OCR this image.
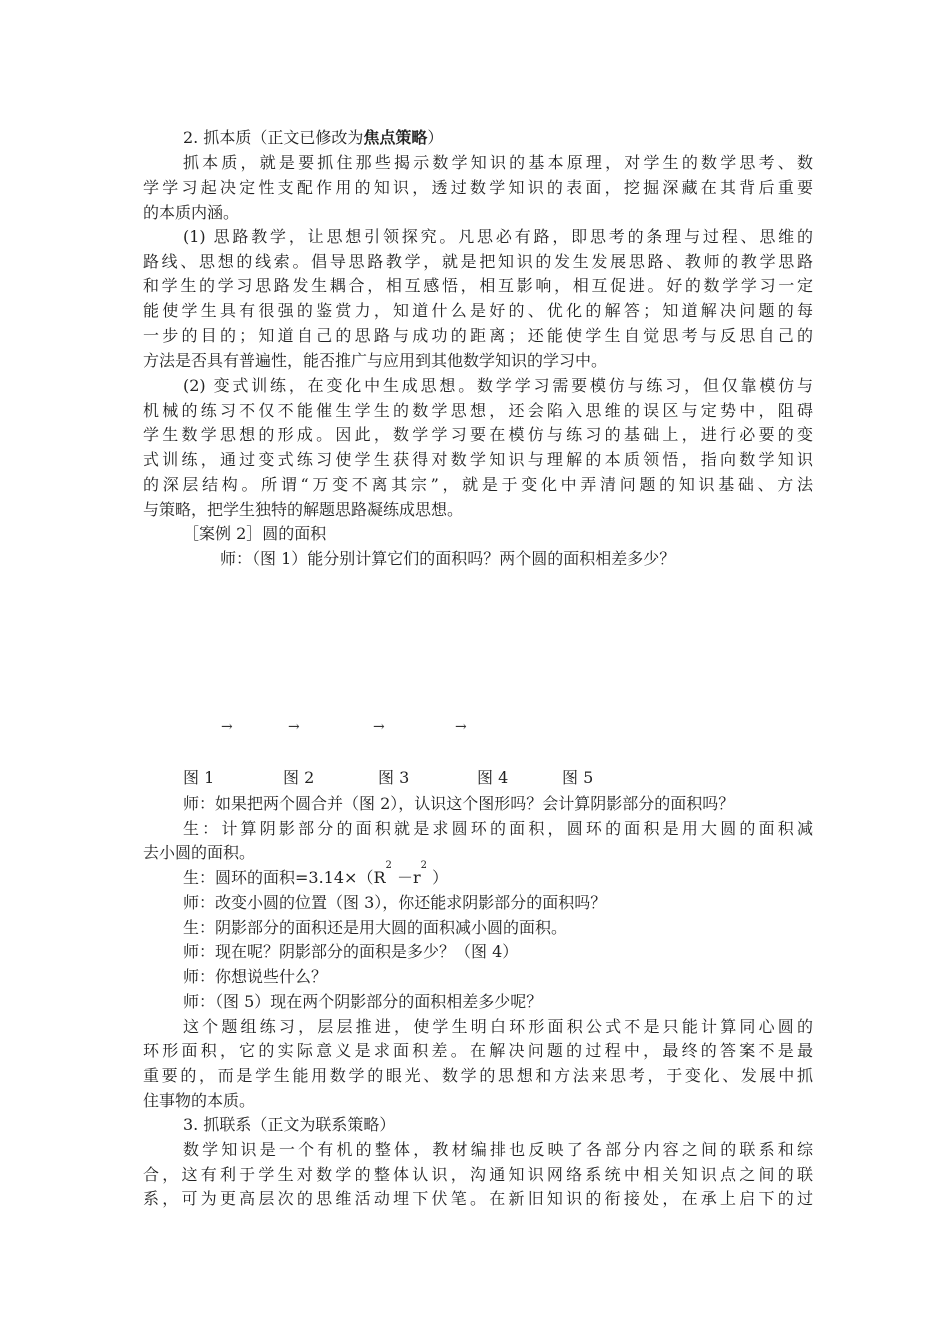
2. 抓本质（正文已修改为焦点策略）
抓本质，就是要抓住那些揭示数学知识的基本原理，对学生的数学思考、数
学学习起决定性支配作用的知识，透过数学知识的表面，挖掘深藏在其背后重要
的本质内涵。
(1) 思路教学，让思想引领探究。凡思必有路，即思考的条理与过程、思维的
路线、思想的线索。倡导思路教学，就是把知识的发生发展思路、教师的教学思路
和学生的学习思路发生耦合，相互感悟，相互影响，相互促进。好的数学学习一定
能使学生具有很强的鉴赏力，知道什么是好的、优化的解答；知道解决问题的每
一步的目的；知道自己的思路与成功的距离；还能使学生自觉思考与反思自己的
方法是否具有普遍性，能否推广与应用到其他数学知识的学习中。
(2) 变式训练，在变化中生成思想。数学学习需要模仿与练习，但仅靠模仿与
机械的练习不仅不能催生学生的数学思想，还会陷入思维的误区与定势中，阻碍
学生数学思想的形成。因此，数学学习要在模仿与练习的基础上，进行必要的变
式训练，通过变式练习使学生获得对数学知识与理解的本质领悟，指向数学知识
的深层结构。所谓“万变不离其宗”，就是于变化中弄清问题的知识基础、方法
与策略，把学生独特的解题思路凝练成思想。
［案例 2］圆的面积
师：（图 1）能分别计算它们的面积吗？两个圆的面积相差多少？
→	→	→	→
图 1	图 2	图 3	图 4	图 5
师：如果把两个圆合并（图 2），认识这个图形吗？会计算阴影部分的面积吗？
生：计算阴影部分的面积就是求圆环的面积，圆环的面积是用大圆的面积减
去小圆的面积。
生：圆环的面积$=3.14\times(R^2 -r^2$ ）
师：改变小圆的位置（图 3），你还能求阴影部分的面积吗？
生：阴影部分的面积还是用大圆的面积减小圆的面积。
师：现在呢？阴影部分的面积是多少？（图 4）
师：你想说些什么？
师：（图 5）现在两个阴影部分的面积相差多少呢？
这个题组练习，层层推进，使学生明白环形面积公式不是只能计算同心圆的
环形面积，它的实际意义是求面积差。在解决问题的过程中，最终的答案不是最
重要的，而是学生能用数学的眼光、数学的思想和方法来思考，于变化、发展中抓
住事物的本质。
3. 抓联系（正文为联系策略）
数学知识是一个有机的整体，教材编排也反映了各部分内容之间的联系和综
合，这有利于学生对数学的整体认识，沟通知识网络系统中相关知识点之间的联
系，可为更高层次的思维活动埋下伏笔。在新旧知识的衔接处，在承上启下的过
